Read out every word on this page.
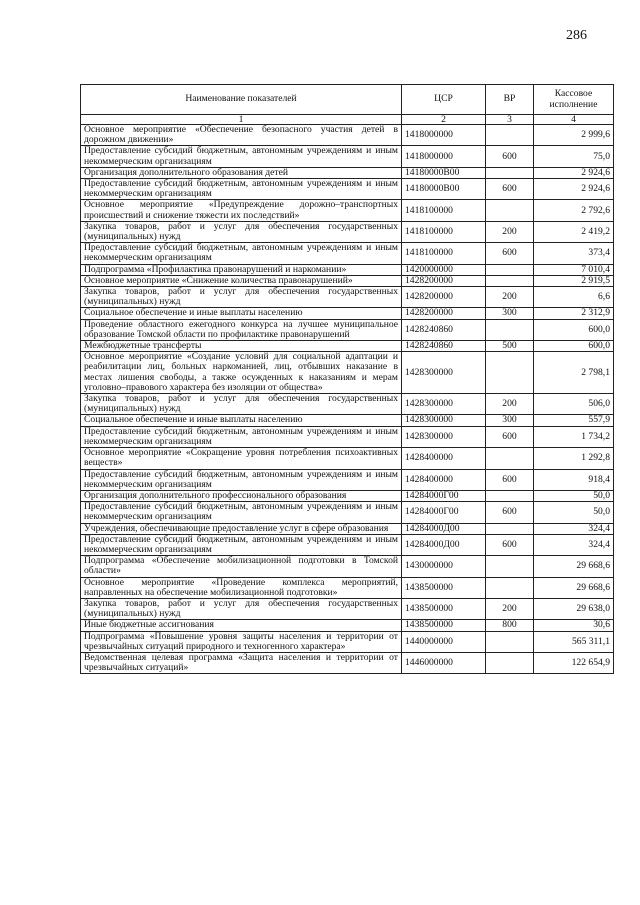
286
Наименование показателей	ЦСР	ВР	Кассовое исполнение
1	2	3	4
Основное мероприятие «Обеспечение безопасного участия детей в дорожном движении»	1418000000		2 999,6
Предоставление субсидий бюджетным, автономным учреждениям и иным некоммерческим организациям	1418000000	600	75,0
Организация дополнительного образования детей	14180000В00		2 924,6
Предоставление субсидий бюджетным, автономным учреждениям и иным некоммерческим организациям	14180000В00	600	2 924,6
Основное мероприятие «Предупреждение дорожно–транспортных происшествий и снижение тяжести их последствий»	1418100000		2 792,6
Закупка товаров, работ и услуг для обеспечения государственных (муниципальных) нужд	1418100000	200	2 419,2
Предоставление субсидий бюджетным, автономным учреждениям и иным некоммерческим организациям	1418100000	600	373,4
Подпрограмма «Профилактика правонарушений и наркомании»	1420000000		7 010,4
Основное мероприятие «Снижение количества правонарушений»	1428200000		2 919,5
Закупка товаров, работ и услуг для обеспечения государственных (муниципальных) нужд	1428200000	200	6,6
Социальное обеспечение и иные выплаты населению	1428200000	300	2 312,9
Проведение областного ежегодного конкурса на лучшее муниципальное образование Томской области по профилактике правонарушений	1428240860		600,0
Межбюджетные трансферты	1428240860	500	600,0
Основное мероприятие «Создание условий для социальной адаптации и реабилитации лиц, больных наркоманией, лиц, отбывших наказание в местах лишения свободы, а также осужденных к наказаниям и мерам уголовно–правового характера без изоляции от общества»	1428300000		2 798,1
Закупка товаров, работ и услуг для обеспечения государственных (муниципальных) нужд	1428300000	200	506,0
Социальное обеспечение и иные выплаты населению	1428300000	300	557,9
Предоставление субсидий бюджетным, автономным учреждениям и иным некоммерческим организациям	1428300000	600	1 734,2
Основное мероприятие «Сокращение уровня потребления психоактивных веществ»	1428400000		1 292,8
Предоставление субсидий бюджетным, автономным учреждениям и иным некоммерческим организациям	1428400000	600	918,4
Организация дополнительного профессионального образования	14284000Г00		50,0
Предоставление субсидий бюджетным, автономным учреждениям и иным некоммерческим организациям	14284000Г00	600	50,0
Учреждения, обеспечивающие предоставление услуг в сфере образования	14284000Д00		324,4
Предоставление субсидий бюджетным, автономным учреждениям и иным некоммерческим организациям	14284000Д00	600	324,4
Подпрограмма «Обеспечение мобилизационной подготовки в Томской области»	1430000000		29 668,6
Основное мероприятие «Проведение комплекса мероприятий, направленных на обеспечение мобилизационной подготовки»	1438500000		29 668,6
Закупка товаров, работ и услуг для обеспечения государственных (муниципальных) нужд	1438500000	200	29 638,0
Иные бюджетные ассигнования	1438500000	800	30,6
Подпрограмма «Повышение уровня защиты населения и территории от чрезвычайных ситуаций природного и техногенного характера»	1440000000		565 311,1
Ведомственная целевая программа «Защита населения и территории от чрезвычайных ситуаций»	1446000000		122 654,9
